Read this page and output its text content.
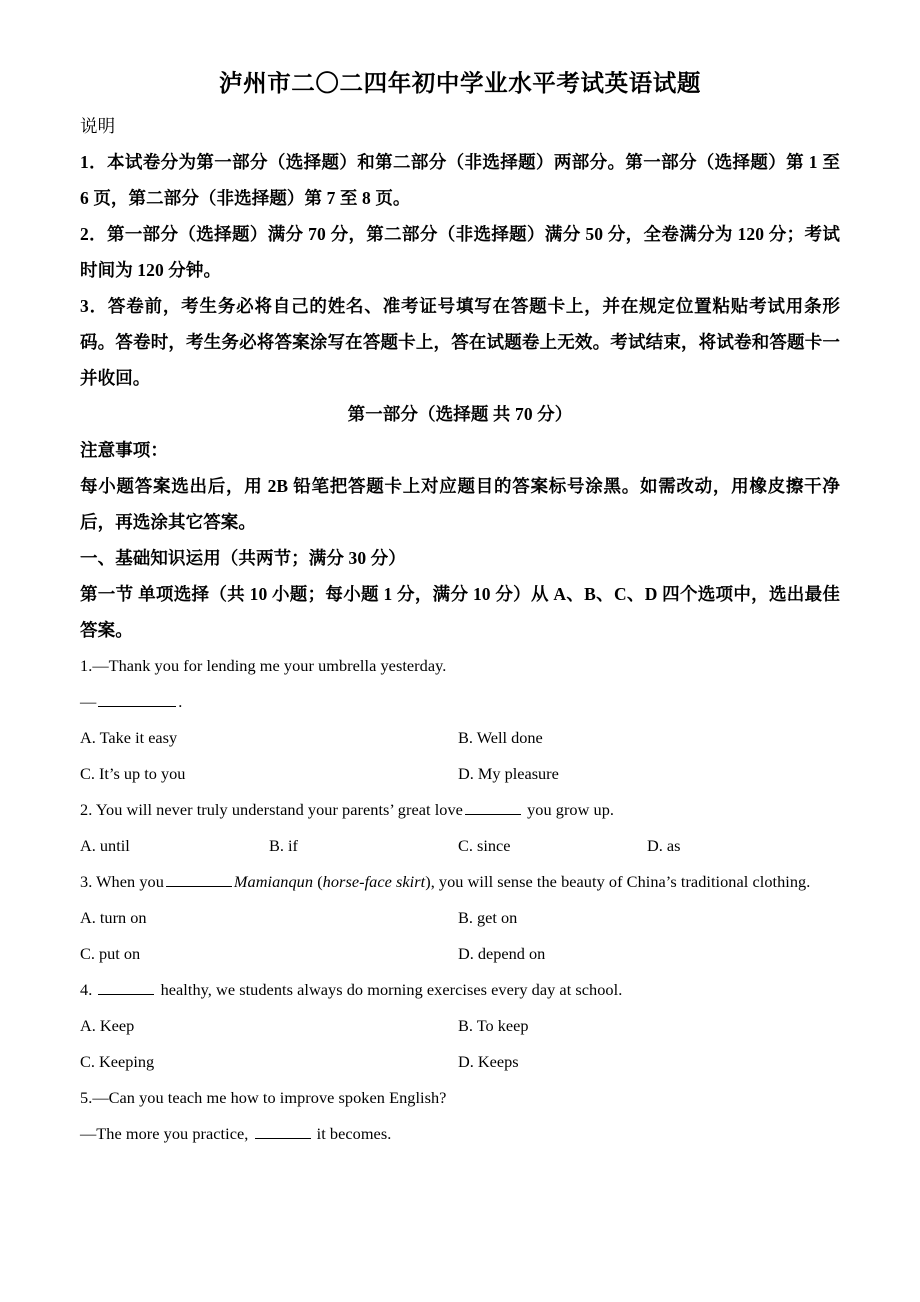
泸州市二〇二四年初中学业水平考试英语试题

说明

1．本试卷分为第一部分（选择题）和第二部分（非选择题）两部分。第一部分（选择题）第 1 至 6 页，第二部分（非选择题）第 7 至 8 页。

2．第一部分（选择题）满分 70 分，第二部分（非选择题）满分 50 分，全卷满分为 120 分；考试时间为 120 分钟。

3．答卷前，考生务必将自己的姓名、准考证号填写在答题卡上，并在规定位置粘贴考试用条形码。答卷时，考生务必将答案涂写在答题卡上，答在试题卷上无效。考试结束，将试卷和答题卡一并收回。

第一部分（选择题 共 70 分）

注意事项：

每小题答案选出后，用 2B 铅笔把答题卡上对应题目的答案标号涂黑。如需改动，用橡皮擦干净后，再选涂其它答案。

一、基础知识运用（共两节；满分 30 分）

第一节 单项选择（共 10 小题；每小题 1 分，满分 10 分）从 A、B、C、D 四个选项中，选出最佳答案。

1.—Thank you for lending me your umbrella yesterday.

—	.

A. Take it easy	B. Well done
C. It’s up to you	D. My pleasure

2. You will never truly understand your parents’ great love	you grow up.

A. until	B. if	C. since	D. as

3. When you	Mamianqun (horse-face skirt), you will sense the beauty of China’s traditional clothing.

A. turn on	B. get on
C. put on	D. depend on

4.	healthy, we students always do morning exercises every day at school.

A. Keep	B. To keep
C. Keeping	D. Keeps

5.—Can you teach me how to improve spoken English?

—The more you practice,	it becomes.
